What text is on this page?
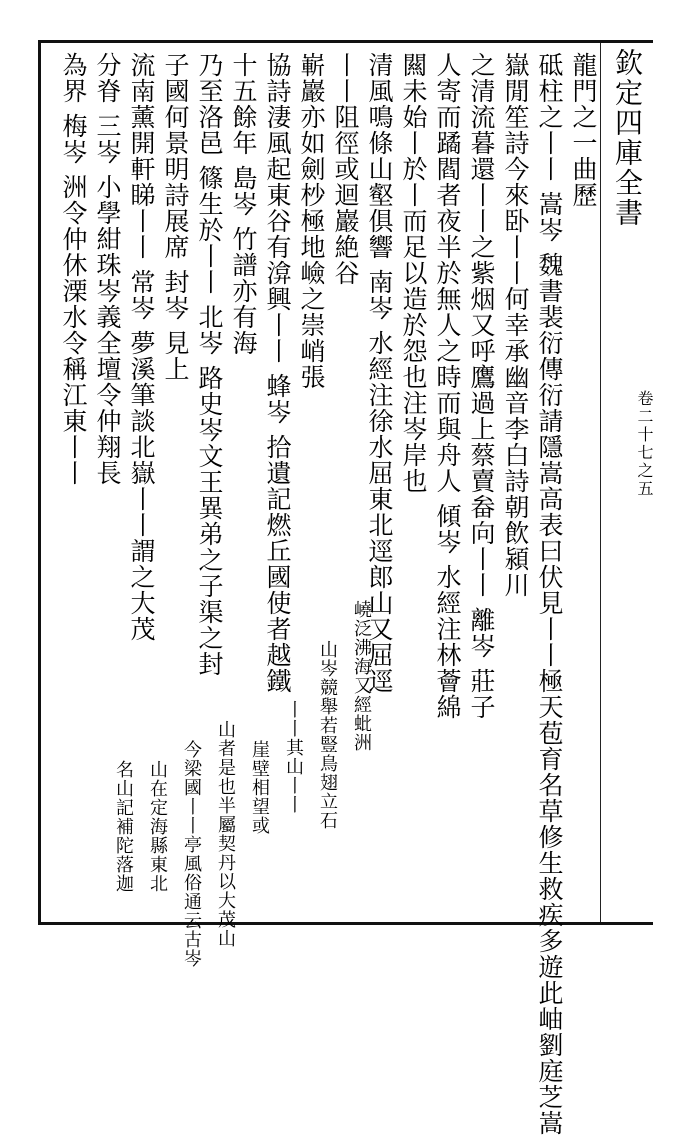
欽定四庫全書
卷二十七之五
龍門之一曲歷
砥柱之丨丨 嵩岑 魏書裴衍傳衍請隱嵩高表曰伏見丨丨極天苞育名草修生救疾多遊此岫劉庭芝嵩
嶽閒笙詩今來卧丨丨何幸承幽音李白詩朝飲潁川
之清流暮還丨丨之紫烟又呼鷹過上蔡賣畚向丨丨 離岑 莊子
人寄而蹫閻者夜半於無人之時而與舟人 傾岑 水經注林薈綿
闗未始丨於丨而足以造於怨也注岑岸也
清風鳴條山壑俱響 南岑 水經注徐水屈東北逕郎山又屈逕
丨丨阻徑或迴巖絶谷
嶄巖亦如劍杪極地嶮之崇峭張
協詩淒風起東谷有渰興丨丨 蜂岑 拾遺記燃丘國使者越鐵
十五餘年 島岑 竹譜亦有海
乃至洛邑 篠生於丨丨 北岑 路史岑文王異弟之子渠之封
子國何景明詩展席 封岑 見上
流南薰開軒睇丨丨 常岑 夢溪筆談北嶽丨丨謂之大茂
分脊 三岑 小學紺珠岑義全壇令仲翔長
為界 梅岑 洲令仲休溧水令稱江東丨丨
嶢泛沸海又經蚍洲
山岑競舉若豎鳥翅立石
丨丨其山丨丨
崖壁相望或
山者是也半屬契丹以大茂山
今梁國丨丨亭風俗通云古岑
山在定海縣東北
名山記補陀落迦
